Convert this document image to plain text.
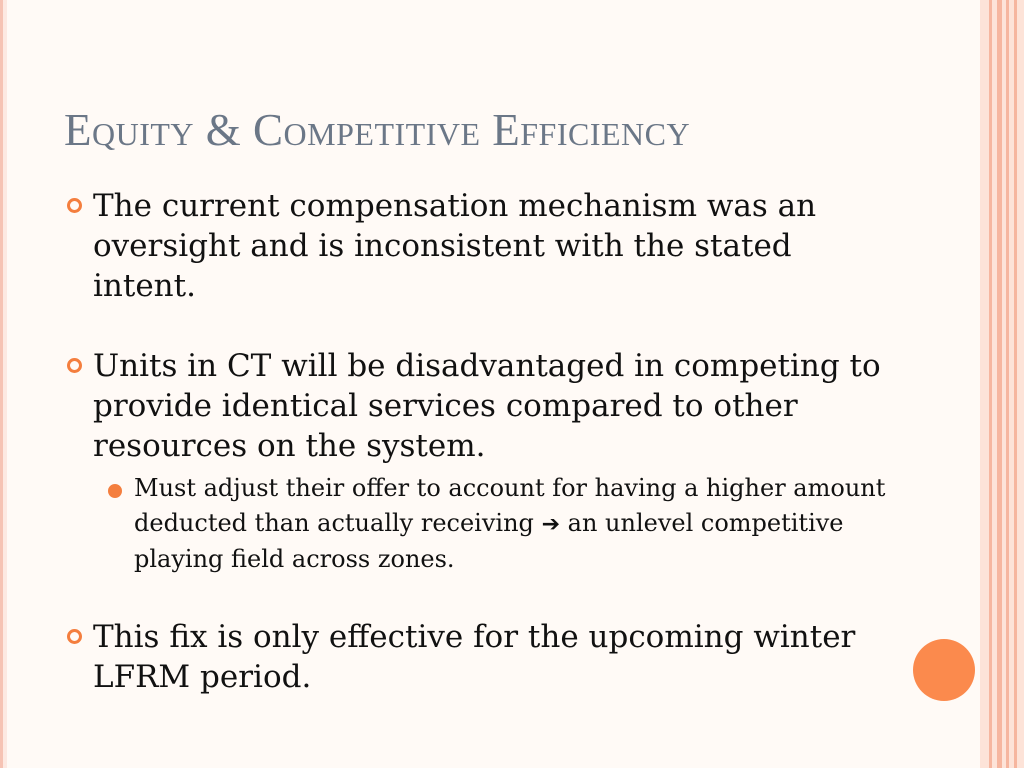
Equity & Competitive Efficiency
The current compensation mechanism was an oversight and is inconsistent with the stated intent.
Units in CT will be disadvantaged in competing to provide identical services compared to other resources on the system.
Must adjust their offer to account for having a higher amount deducted than actually receiving ➔ an unlevel competitive playing field across zones.
This fix is only effective for the upcoming winter LFRM period.
